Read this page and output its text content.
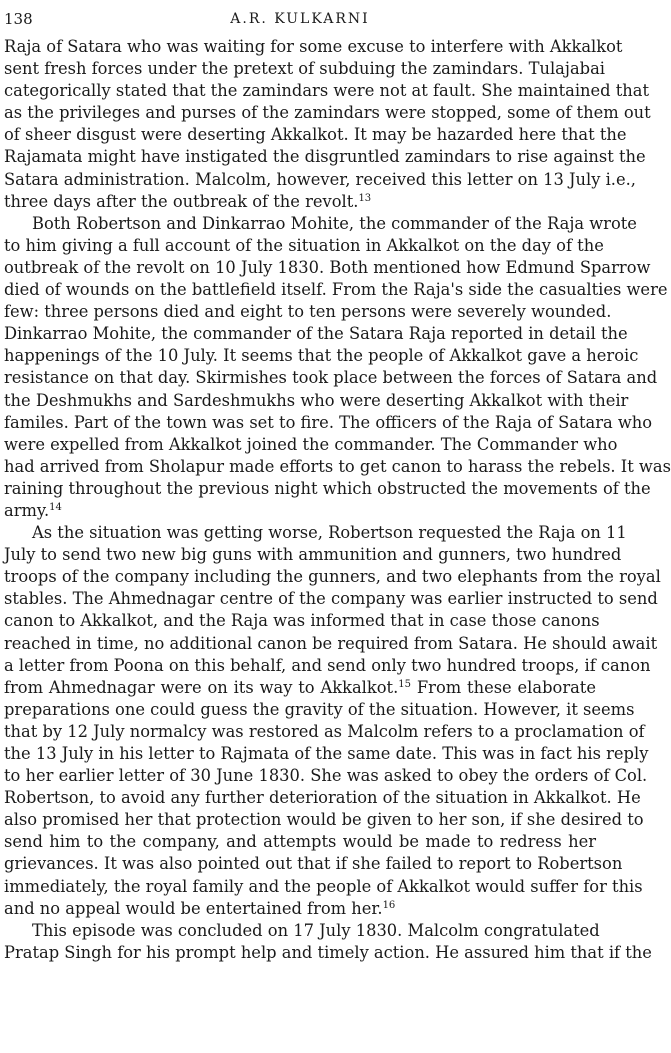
138	A.R. KULKARNI

Raja of Satara who was waiting for some excuse to interfere with Akkalkot
sent fresh forces under the pretext of subduing the zamindars. Tulajabai
categorically stated that the zamindars were not at fault. She maintained that
as the privileges and purses of the zamindars were stopped, some of them out
of sheer disgust were deserting Akkalkot. It may be hazarded here that the
Rajamata might have instigated the disgruntled zamindars to rise against the
Satara administration. Malcolm, however, received this letter on 13 July i.e.,
three days after the outbreak of the revolt.$^{13}$

Both Robertson and Dinkarrao Mohite, the commander of the Raja wrote
to him giving a full account of the situation in Akkalkot on the day of the
outbreak of the revolt on 10 July 1830. Both mentioned how Edmund Sparrow
died of wounds on the battlefield itself. From the Raja's side the casualties were
few: three persons died and eight to ten persons were severely wounded.
Dinkarrao Mohite, the commander of the Satara Raja reported in detail the
happenings of the 10 July. It seems that the people of Akkalkot gave a heroic
resistance on that day. Skirmishes took place between the forces of Satara and
the Deshmukhs and Sardeshmukhs who were deserting Akkalkot with their
familes. Part of the town was set to fire. The officers of the Raja of Satara who
were expelled from Akkalkot joined the commander. The Commander who
had arrived from Sholapur made efforts to get canon to harass the rebels. It was
raining throughout the previous night which obstructed the movements of the
army.$^{14}$

As the situation was getting worse, Robertson requested the Raja on 11
July to send two new big guns with ammunition and gunners, two hundred
troops of the company including the gunners, and two elephants from the royal
stables. The Ahmednagar centre of the company was earlier instructed to send
canon to Akkalkot, and the Raja was informed that in case those canons
reached in time, no additional canon be required from Satara. He should await
a letter from Poona on this behalf, and send only two hundred troops, if canon
from Ahmednagar were on its way to Akkalkot.$^{15}$ From these elaborate
preparations one could guess the gravity of the situation. However, it seems
that by 12 July normalcy was restored as Malcolm refers to a proclamation of
the 13 July in his letter to Rajmata of the same date. This was in fact his reply
to her earlier letter of 30 June 1830. She was asked to obey the orders of Col.
Robertson, to avoid any further deterioration of the situation in Akkalkot. He
also promised her that protection would be given to her son, if she desired to
send him to the company, and attempts would be made to redress her
grievances. It was also pointed out that if she failed to report to Robertson
immediately, the royal family and the people of Akkalkot would suffer for this
and no appeal would be entertained from her.$^{16}$

This episode was concluded on 17 July 1830. Malcolm congratulated
Pratap Singh for his prompt help and timely action. He assured him that if the
